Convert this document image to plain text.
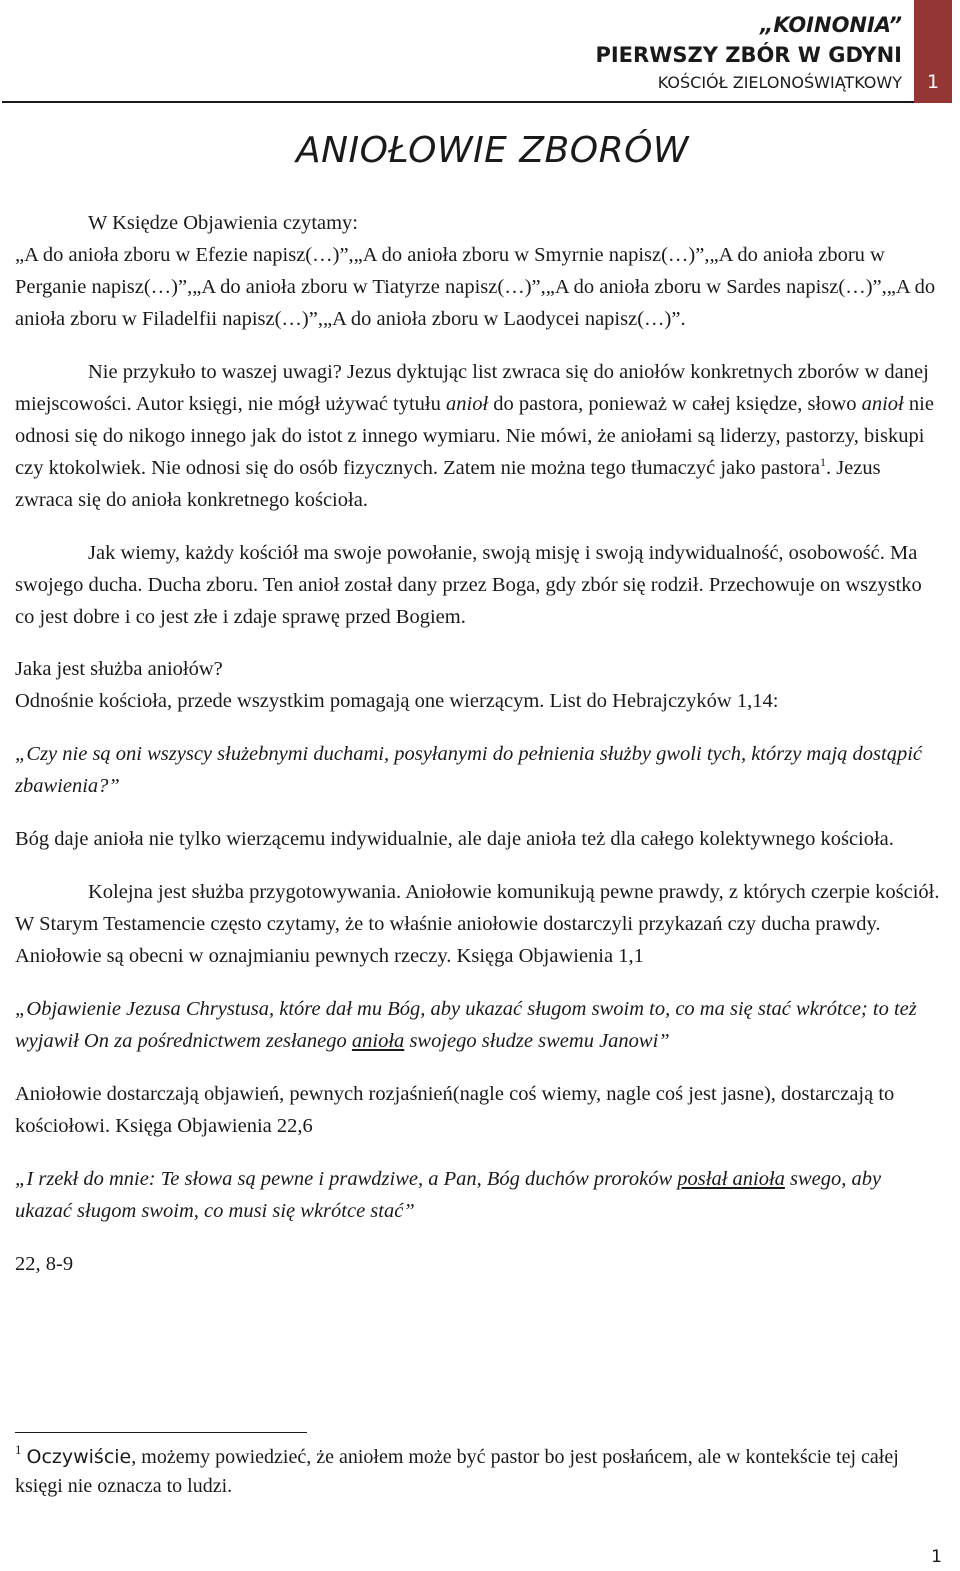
„KOINONIA”
PIERWSZY ZBÓR W GDYNI
KOŚCIÓŁ ZIELONOŚWIĄTKOWY 1
ANIOŁOWIE ZBORÓW

W Księdze Objawienia czytamy:

„A do anioła zboru w Efezie napisz(…)”,„A do anioła zboru w Smyrnie napisz(…)”,„A do anioła zboru w Perganie napisz(…)”,„A do anioła zboru w Tiatyrze napisz(…)”,„A do anioła zboru w Sardes napisz(…)”,„A do anioła zboru w Filadelfii napisz(…)”,„A do anioła zboru w Laodycei napisz(…)”.

Nie przykuło to waszej uwagi? Jezus dyktując list zwraca się do aniołów konkretnych zborów w danej miejscowości. Autor księgi, nie mógł używać tytułu anioł do pastora, ponieważ w całej księdze, słowo anioł nie odnosi się do nikogo innego jak do istot z innego wymiaru. Nie mówi, że aniołami są liderzy, pastorzy, biskupi czy ktokolwiek. Nie odnosi się do osób fizycznych. Zatem nie można tego tłumaczyć jako pastora$^1$. Jezus zwraca się do anioła konkretnego kościoła.

Jak wiemy, każdy kościół ma swoje powołanie, swoją misję i swoją indywidualność, osobowość. Ma swojego ducha. Ducha zboru. Ten anioł został dany przez Boga, gdy zbór się rodził. Przechowuje on wszystko co jest dobre i co jest złe i zdaje sprawę przed Bogiem.

Jaka jest służba aniołów?

Odnośnie kościoła, przede wszystkim pomagają one wierzącym. List do Hebrajczyków 1,14:

„Czy nie są oni wszyscy służebnymi duchami, posyłanymi do pełnienia służby gwoli tych, którzy mają dostąpić zbawienia?”

Bóg daje anioła nie tylko wierzącemu indywidualnie, ale daje anioła też dla całego kolektywnego kościoła.

Kolejna jest służba przygotowywania. Aniołowie komunikują pewne prawdy, z których czerpie kościół. W Starym Testamencie często czytamy, że to właśnie aniołowie dostarczyli przykazań czy ducha prawdy. Aniołowie są obecni w oznajmianiu pewnych rzeczy. Księga Objawienia 1,1

„Objawienie Jezusa Chrystusa, które dał mu Bóg, aby ukazać sługom swoim to, co ma się stać wkrótce; to też wyjawił On za pośrednictwem zesłanego anioła swojego słudze swemu Janowi”

Aniołowie dostarczają objawień, pewnych rozjaśnień(nagle coś wiemy, nagle coś jest jasne), dostarczają to kościołowi. Księga Objawienia 22,6

„I rzekł do mnie: Te słowa są pewne i prawdziwe, a Pan, Bóg duchów proroków posłał anioła swego, aby ukazać sługom swoim, co musi się wkrótce stać”

22, 8-9

$^1$ Oczywiście, możemy powiedzieć, że aniołem może być pastor bo jest posłańcem, ale w kontekście tej całej księgi nie oznacza to ludzi.
1
